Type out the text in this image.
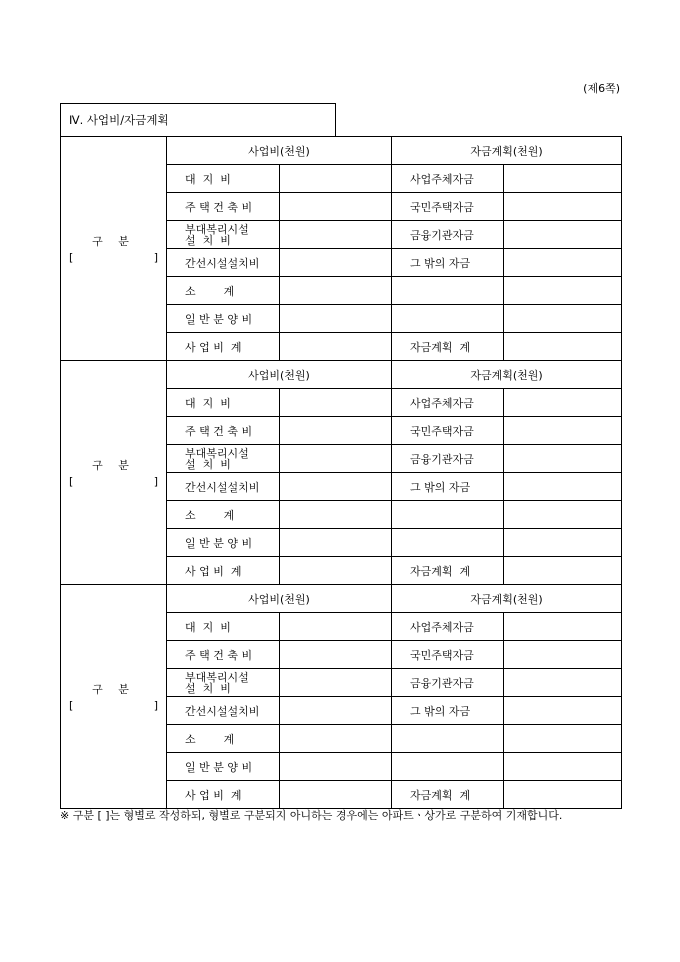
(제6쪽)
Ⅳ. 사업비/자금계획
구 분
[ ]	사업비(천원)		자금계획(천원)	

	대  지  비		사업주체자금	

	주 택 건 축 비		국민주택자금	

	부대복리시설
설  치  비		금융기관자금	

	간선시설설치비		그 밖의 자금	

	소        계			

	일 반 분 양 비			

	사 업 비  계		자금계획  계	

구 분
[ ]	사업비(천원)		자금계획(천원)	

	대  지  비		사업주체자금	

	주 택 건 축 비		국민주택자금	

	부대복리시설
설  치  비		금융기관자금	

	간선시설설치비		그 밖의 자금	

	소        계			

	일 반 분 양 비			

	사 업 비  계		자금계획  계	

구 분
[ ]	사업비(천원)		자금계획(천원)	

	대  지  비		사업주체자금	

	주 택 건 축 비		국민주택자금	

	부대복리시설
설  치  비		금융기관자금	

	간선시설설치비		그 밖의 자금	

	소        계			

	일 반 분 양 비			

	사 업 비  계		자금계획  계	
※ 구분 [ ]는 형별로 작성하되, 형별로 구분되지 아니하는 경우에는 아파트ㆍ상가로 구분하여 기재합니다.
